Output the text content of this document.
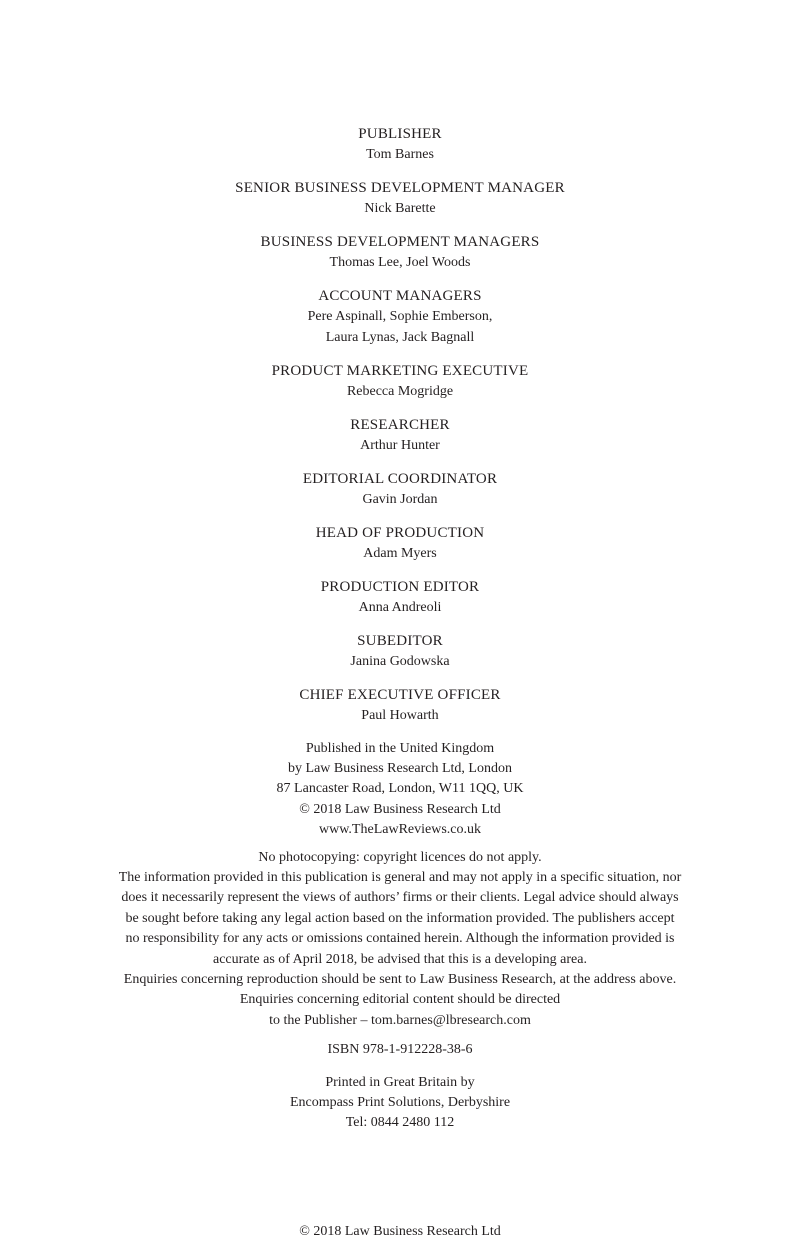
PUBLISHER
Tom Barnes
SENIOR BUSINESS DEVELOPMENT MANAGER
Nick Barette
BUSINESS DEVELOPMENT MANAGERS
Thomas Lee, Joel Woods
ACCOUNT MANAGERS
Pere Aspinall, Sophie Emberson,
Laura Lynas, Jack Bagnall
PRODUCT MARKETING EXECUTIVE
Rebecca Mogridge
RESEARCHER
Arthur Hunter
EDITORIAL COORDINATOR
Gavin Jordan
HEAD OF PRODUCTION
Adam Myers
PRODUCTION EDITOR
Anna Andreoli
SUBEDITOR
Janina Godowska
CHIEF EXECUTIVE OFFICER
Paul Howarth
Published in the United Kingdom
by Law Business Research Ltd, London
87 Lancaster Road, London, W11 1QQ, UK
© 2018 Law Business Research Ltd
www.TheLawReviews.co.uk
No photocopying: copyright licences do not apply.
The information provided in this publication is general and may not apply in a specific situation, nor
does it necessarily represent the views of authors’ firms or their clients. Legal advice should always
be sought before taking any legal action based on the information provided. The publishers accept
no responsibility for any acts or omissions contained herein. Although the information provided is
accurate as of April 2018, be advised that this is a developing area.
Enquiries concerning reproduction should be sent to Law Business Research, at the address above.
Enquiries concerning editorial content should be directed
to the Publisher – tom.barnes@lbresearch.com
ISBN 978-1-912228-38-6
Printed in Great Britain by
Encompass Print Solutions, Derbyshire
Tel: 0844 2480 112
© 2018 Law Business Research Ltd
